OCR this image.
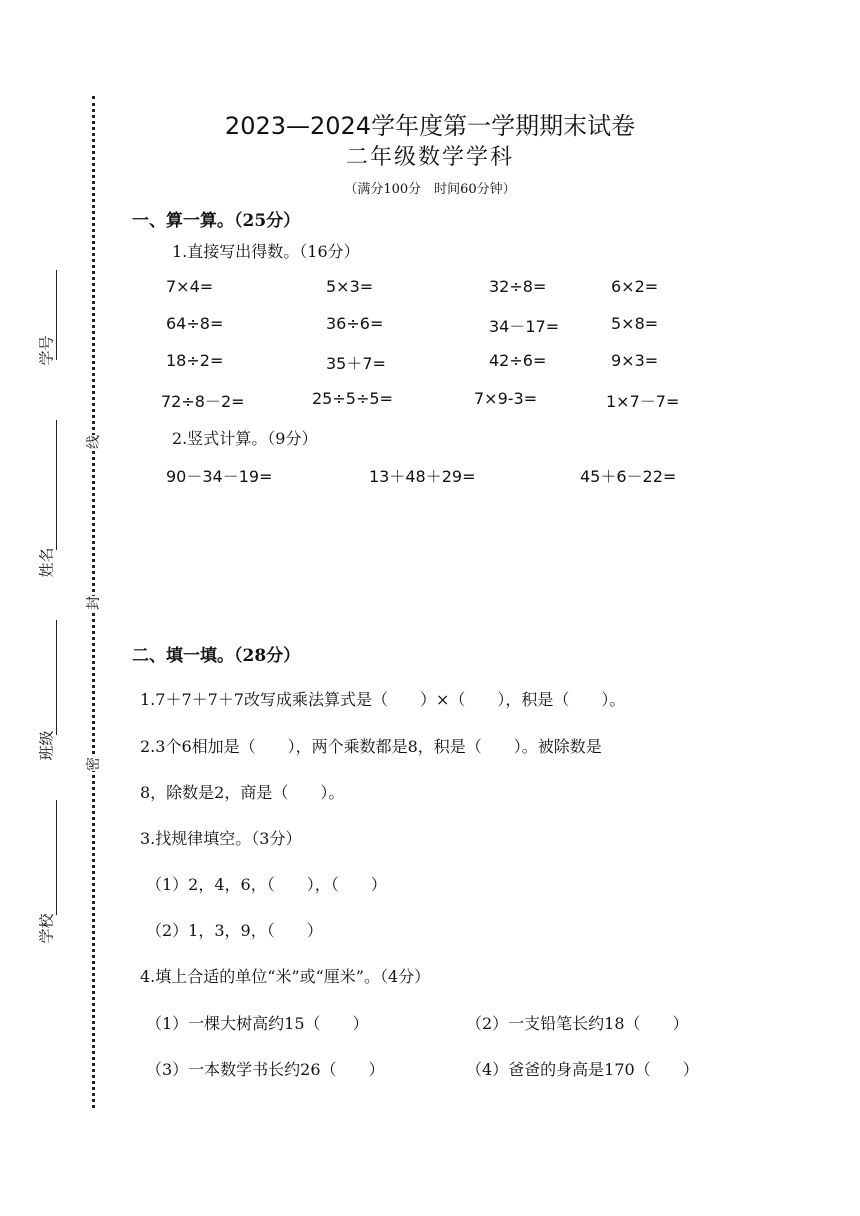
学号
姓名
班级
学校
线
封
密
2023—2024学年度第一学期期末试卷
二年级数学学科
（满分100分　时间60分钟）
一、算一算。（25分）
1.直接写出得数。（16分）
7×4=	5×3=	32÷8=	6×2=
64÷8=	36÷6=	34－17=	5×8=
18÷2=	35＋7=	42÷6=	9×3=
72÷8－2=	25÷5÷5=	7×9-3=	1×7－7=
2.竖式计算。（9分）
90－34－19=	13＋48＋29=	45＋6－22=
二、填一填。（28分）
1.7＋7＋7＋7改写成乘法算式是（　　）×（　　），积是（　　）。
2.3个6相加是（　　），两个乘数都是8，积是（　　）。被除数是
8，除数是2，商是（　　）。
3.找规律填空。（3分）
（1）2，4，6，（　　），（　　）
（2）1，3，9，（　　）
4.填上合适的单位“米”或“厘米”。（4分）
（1）一棵大树高约15（　　）	（2）一支铅笔长约18（　　）
（3）一本数学书长约26（　　）	（4）爸爸的身高是170（　　）
